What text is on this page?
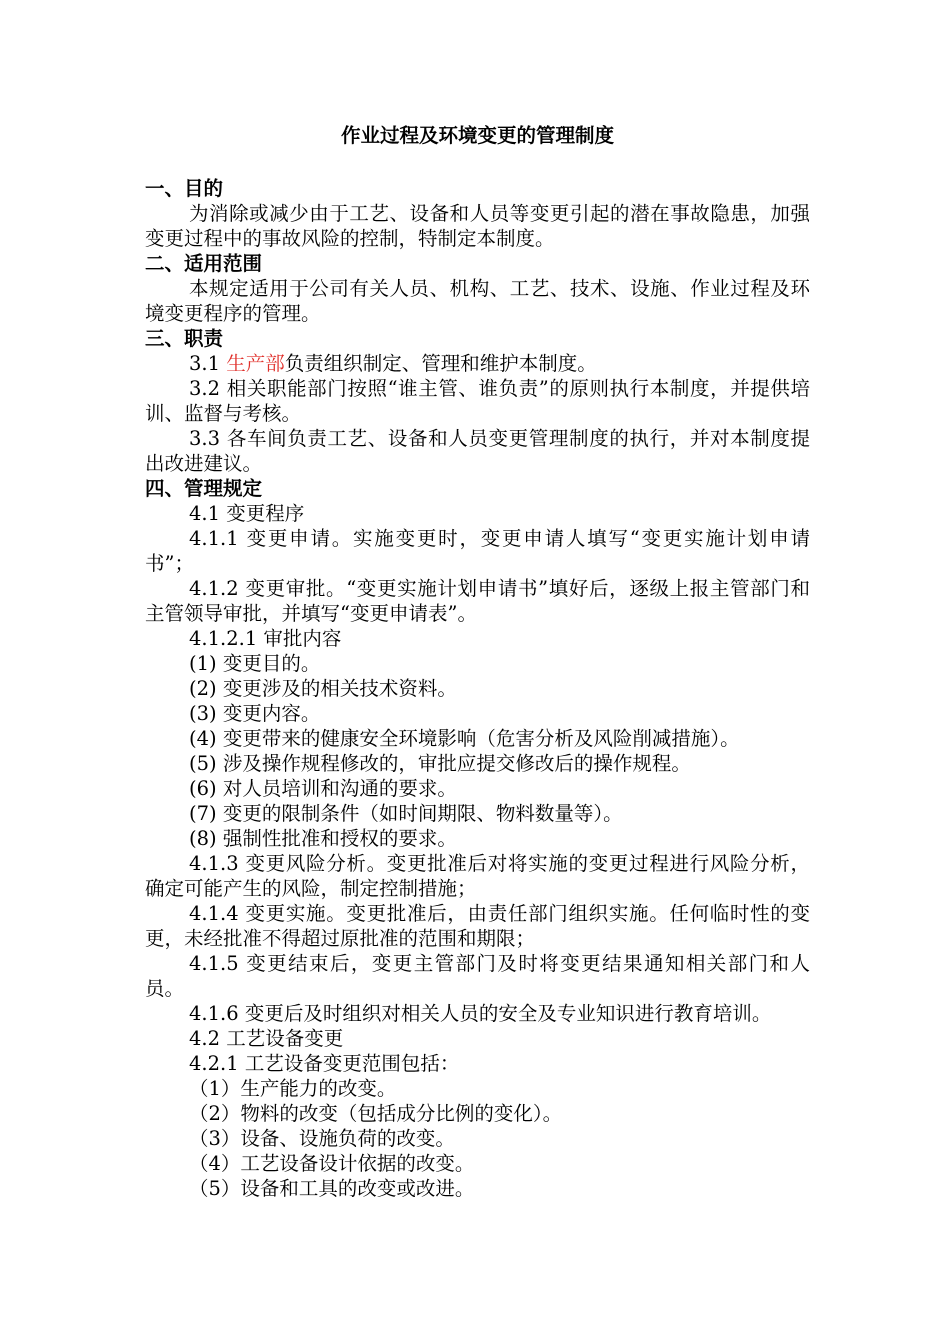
作业过程及环境变更的管理制度
一、目的

为消除或减少由于工艺、设备和人员等变更引起的潜在事故隐患，加强变更过程中的事故风险的控制，特制定本制度。

二、适用范围

本规定适用于公司有关人员、机构、工艺、技术、设施、作业过程及环境变更程序的管理。

三、职责

3.1 生产部负责组织制定、管理和维护本制度。

3.2 相关职能部门按照“谁主管、谁负责”的原则执行本制度，并提供培训、监督与考核。

3.3 各车间负责工艺、设备和人员变更管理制度的执行，并对本制度提出改进建议。

四、管理规定

4.1 变更程序

4.1.1 变更申请。实施变更时，变更申请人填写“变更实施计划申请书”；

4.1.2 变更审批。“变更实施计划申请书”填好后，逐级上报主管部门和主管领导审批，并填写“变更申请表”。

4.1.2.1 审批内容

(1) 变更目的。

(2) 变更涉及的相关技术资料。

(3) 变更内容。

(4) 变更带来的健康安全环境影响（危害分析及风险削减措施）。

(5) 涉及操作规程修改的，审批应提交修改后的操作规程。

(6) 对人员培训和沟通的要求。

(7) 变更的限制条件（如时间期限、物料数量等）。

(8) 强制性批准和授权的要求。

4.1.3 变更风险分析。变更批准后对将实施的变更过程进行风险分析，确定可能产生的风险，制定控制措施；

4.1.4 变更实施。变更批准后，由责任部门组织实施。任何临时性的变更，未经批准不得超过原批准的范围和期限；

4.1.5 变更结束后，变更主管部门及时将变更结果通知相关部门和人员。

4.1.6 变更后及时组织对相关人员的安全及专业知识进行教育培训。

4.2 工艺设备变更

4.2.1 工艺设备变更范围包括：

（1）生产能力的改变。

（2）物料的改变（包括成分比例的变化）。

（3）设备、设施负荷的改变。

（4）工艺设备设计依据的改变。

（5）设备和工具的改变或改进。
